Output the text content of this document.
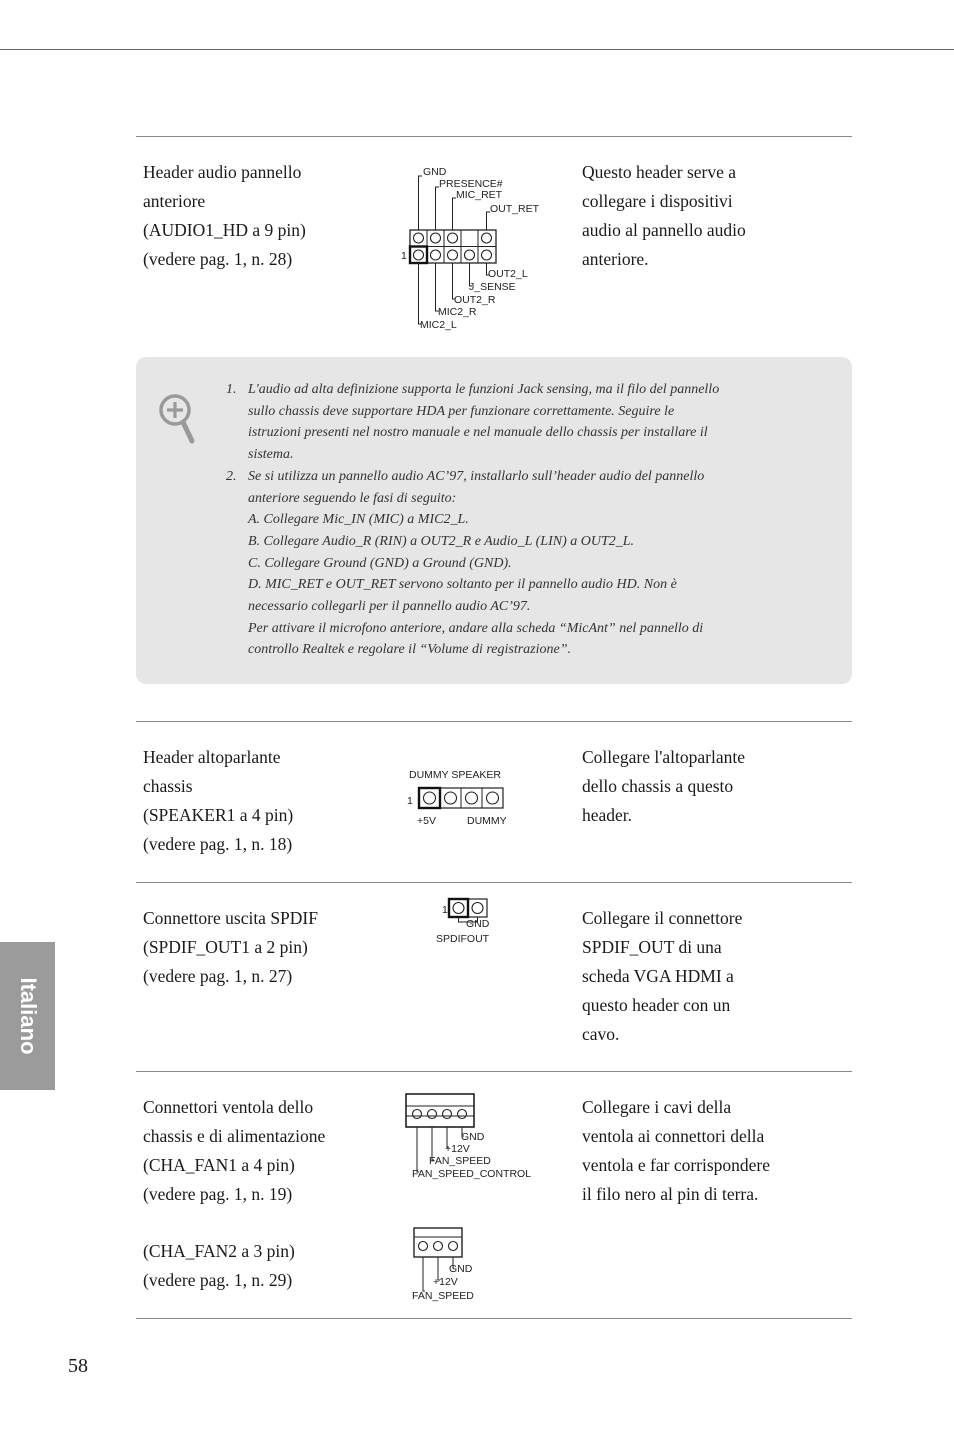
Header audio pannello
anteriore
(AUDIO1_HD a 9 pin)
(vedere pag. 1, n. 28)
GND
PRESENCE#
MIC_RET
OUT_RET
1
OUT2_L
J_SENSE
OUT2_R
MIC2_R
MIC2_L
Questo header serve a
collegare i dispositivi
audio al pannello audio
anteriore.
1. L'audio ad alta definizione supporta le funzioni Jack sensing, ma il filo del pannello
sullo chassis deve supportare HDA per funzionare correttamente. Seguire le
istruzioni presenti nel nostro manuale e nel manuale dello chassis per installare il
sistema.
2. Se si utilizza un pannello audio AC’97, installarlo sull’header audio del pannello
anteriore seguendo le fasi di seguito:
A. Collegare Mic_IN (MIC) a MIC2_L.
B. Collegare Audio_R (RIN) a OUT2_R e Audio_L (LIN) a OUT2_L.
C. Collegare Ground (GND) a Ground (GND).
D. MIC_RET e OUT_RET servono soltanto per il pannello audio HD. Non è
necessario collegarli per il pannello audio AC’97.
Per attivare il microfono anteriore, andare alla scheda “MicAnt” nel pannello di
controllo Realtek e regolare il “Volume di registrazione”.
Header altoparlante
chassis
(SPEAKER1 a 4 pin)
(vedere pag. 1, n. 18)
DUMMY SPEAKER
1
+5V	DUMMY
Collegare l'altoparlante
dello chassis a questo
header.
Connettore uscita SPDIF
(SPDIF_OUT1 a 2 pin)
(vedere pag. 1, n. 27)
1
GND
SPDIFOUT
Collegare il connettore
SPDIF_OUT di una
scheda VGA HDMI a
questo header con un
cavo.
Connettori ventola dello
chassis e di alimentazione
(CHA_FAN1 a 4 pin)
(vedere pag. 1, n. 19)
(CHA_FAN2 a 3 pin)
(vedere pag. 1, n. 29)
GND
+12V
FAN_SPEED
FAN_SPEED_CONTROL
GND
+12V
FAN_SPEED
Collegare i cavi della
ventola ai connettori della
ventola e far corrispondere
il filo nero al pin di terra.
Italiano
58
